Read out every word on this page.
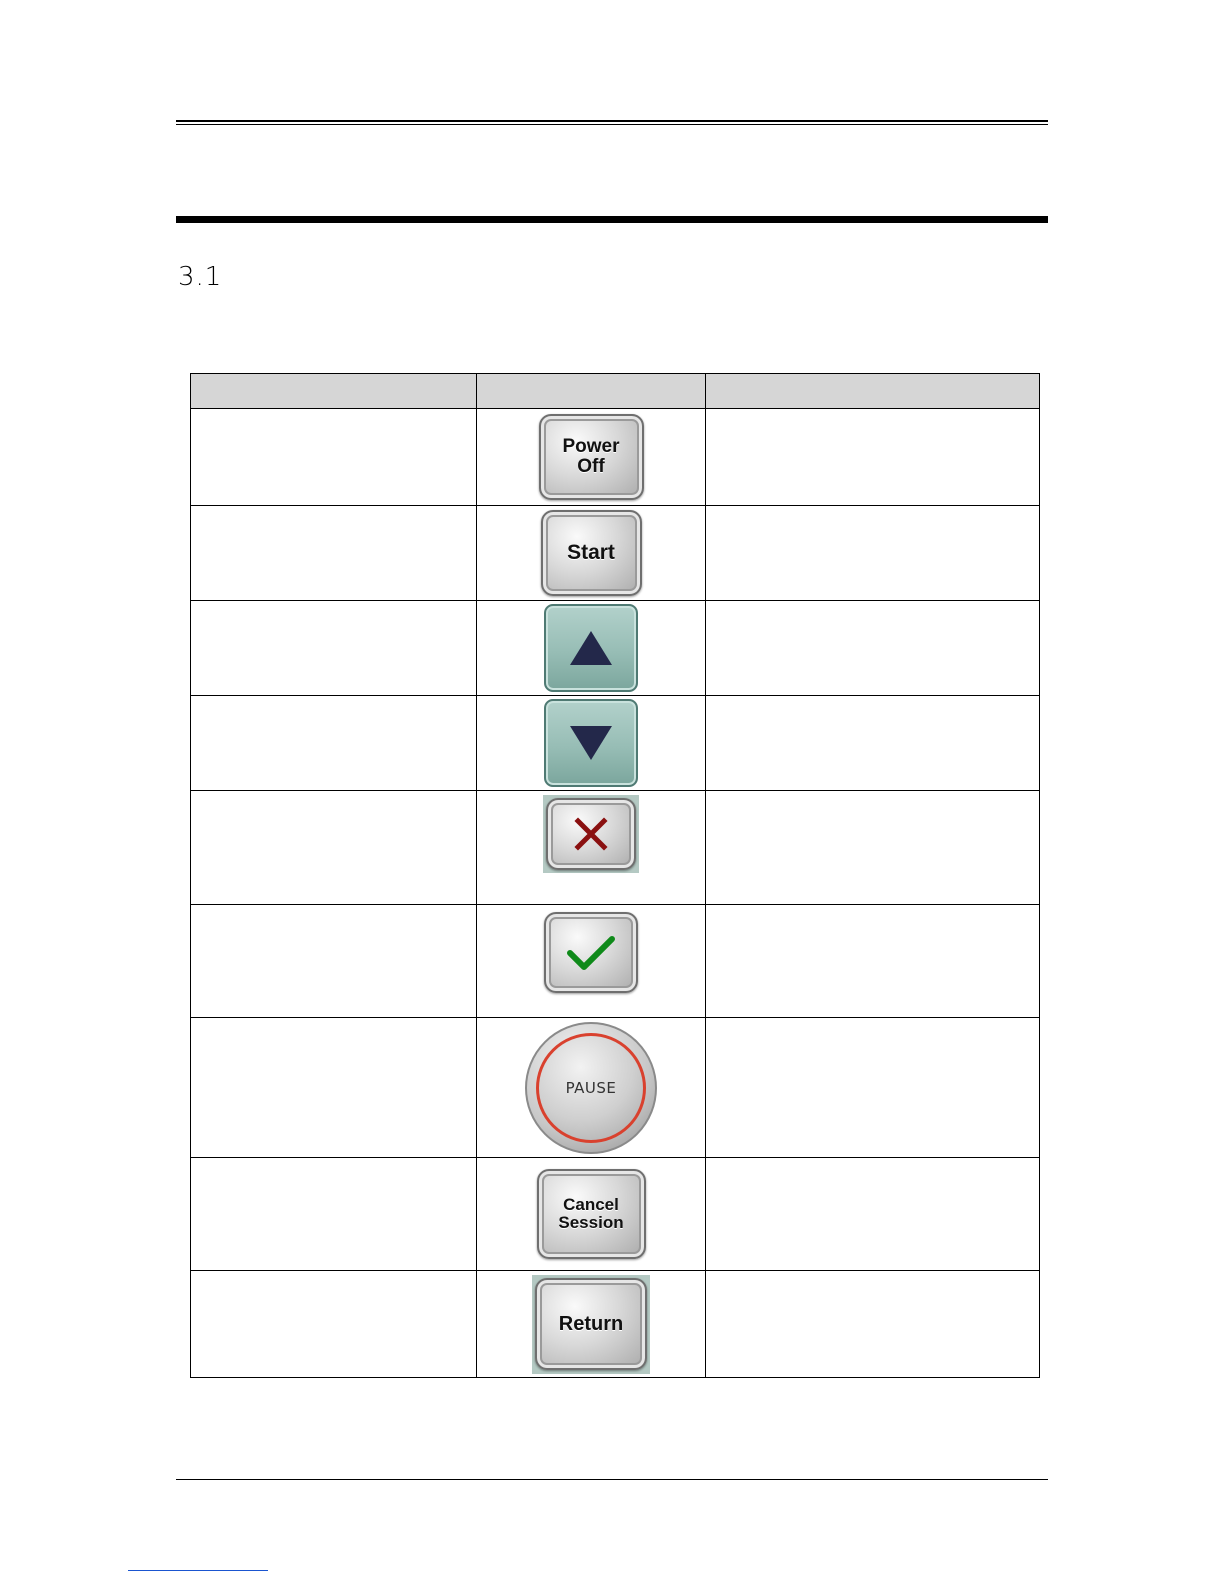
3.1

	Power
Off	

	Start	

PAUSE	

	Cancel
Session	

	Return	
